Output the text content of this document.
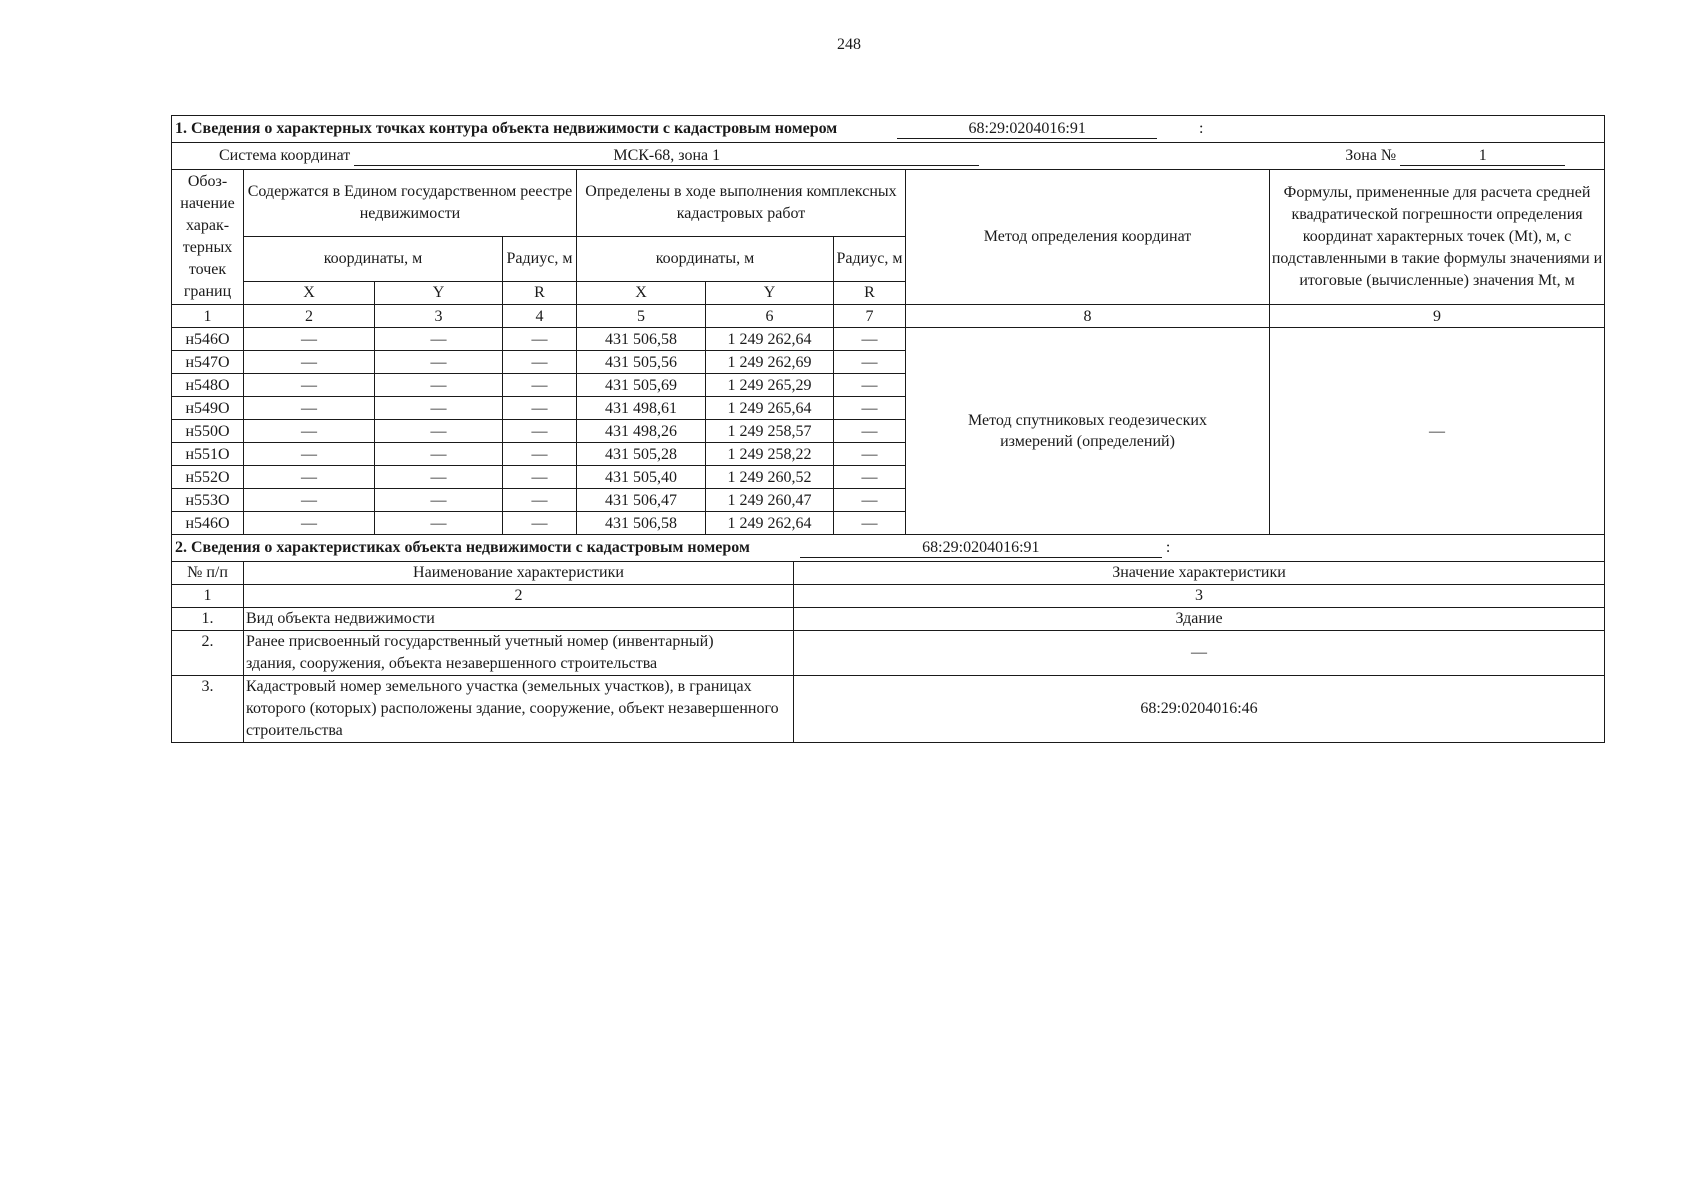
248
1. Сведения о характерных точках контура объекта недвижимости с кадастровым номером 68:29:0204016:91 :								
Система координат МСК-68, зона 1 Зона № 1								
Обоз-начение харак-терных точек границ	Содержатся в Едином государственном реестре недвижимости			Определены в ходе выполнения комплексных кадастровых работ			Метод определения координат	Формулы, примененные для расчета средней квадратической погрешности определения координат характерных точек (Mt), м, с подставленными в такие формулы значениями и итоговые (вычисленные) значения Mt, м
	координаты, м		Радиус, м	координаты, м		Радиус, м		
	X	Y	R	X	Y	R		
1	2	3	4	5	6	7	8	9
н546О	—	—	—	431 506,58	1 249 262,64	—	Метод спутниковых геодезических измерений (определений)	—
н547О	—	—	—	431 505,56	1 249 262,69	—		
н548О	—	—	—	431 505,69	1 249 265,29	—		
н549О	—	—	—	431 498,61	1 249 265,64	—		
н550О	—	—	—	431 498,26	1 249 258,57	—		
н551О	—	—	—	431 505,28	1 249 258,22	—		
н552О	—	—	—	431 505,40	1 249 260,52	—		
н553О	—	—	—	431 506,47	1 249 260,47	—		
н546О	—	—	—	431 506,58	1 249 262,64	—		
2. Сведения о характеристиках объекта недвижимости с кадастровым номером 68:29:0204016:91 :		
№ п/п	Наименование характеристики	Значение характеристики
1	2	3
1.	Вид объекта недвижимости	Здание
2.	Ранее присвоенный государственный учетный номер (инвентарный) здания, сооружения, объекта незавершенного строительства	—
3.	Кадастровый номер земельного участка (земельных участков), в границах которого (которых) расположены здание, сооружение, объект незавершенного строительства	68:29:0204016:46
